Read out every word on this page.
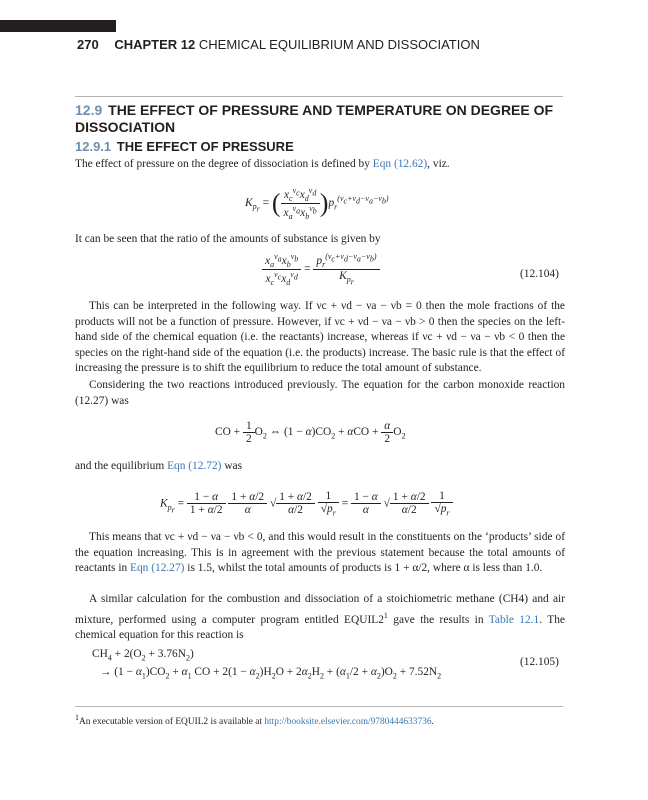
270 CHAPTER 12 CHEMICAL EQUILIBRIUM AND DISSOCIATION
12.9 THE EFFECT OF PRESSURE AND TEMPERATURE ON DEGREE OF DISSOCIATION
12.9.1 THE EFFECT OF PRESSURE
The effect of pressure on the degree of dissociation is defined by Eqn (12.62), viz.
$K_{p_r}$ = ( $\frac{x_c^{\nu_c}x_d^{\nu_d}}{x_a^{\nu_a}x_b^{\nu_b}} )p_r^{(\nu_c+\nu_d-\nu_a-\nu_b)}$
It can be seen that the ratio of the amounts of substance is given by
$\frac{x_a^{\nu_a}x_b^{\nu_b}}{x_c^{\nu_c}x_d^{\nu_d}} = \frac{p_r^{(\nu_c+\nu_d-\nu_a-\nu_b)}}{K_{p_r}}$	(12.104)
This can be interpreted in the following way. If νc + νd − νa − νb = 0 then the mole fractions of the products will not be a function of pressure. However, if νc + νd − νa − νb > 0 then the species on the left-hand side of the chemical equation (i.e. the reactants) increase, whereas if νc + νd − νa − νb < 0 then the species on the right-hand side of the equation (i.e. the products) increase. The basic rule is that the effect of increasing the pressure is to shift the equilibrium to reduce the total amount of substance.
Considering the two reactions introduced previously. The equation for the carbon monoxide reaction (12.27) was
CO + $\frac{1}{2} O_2$ ⇔ $(1 - \alpha)CO_2 + \alpha CO + \frac{\alpha}{2} O_2$
and the equilibrium Eqn (12.72) was
$K_{p_r} = \frac{1 - \alpha}{1 + \alpha/2}$
$\frac{1 + \alpha/2}{\alpha}$ √ $\frac{1 + \alpha/2}{\alpha/2}$
$\frac{1}{√p_r} = \frac{1 - \alpha}{\alpha}$ √ $\frac{1 + \alpha/2}{\alpha/2}$
$\frac{1}{√p_r}$
This means that νc + νd − νa − νb < 0, and this would result in the constituents on the ‘products’ side of the equation increasing. This is in agreement with the previous statement because the total amounts of reactants in Eqn (12.27) is 1.5, whilst the total amounts of products is 1 + α/2, where α is less than 1.0.
A similar calculation for the combustion and dissociation of a stoichiometric methane (CH4) and air mixture, performed using a computer program entitled $EQUIL2^1$ gave the results in Table 12.1. The chemical equation for this reaction is
$CH_4 + 2(O_2 + 3.76N_2)$
→ $(1 - \alpha_1)CO_2 + \alpha_1$ CO + $2(1 - \alpha_2)H_2O + 2\alpha_2H_2 + (\alpha_1/2 + \alpha_2)O_2 + 7.52N_2$
(12.105)
$^1$An executable version of EQUIL2 is available at http://booksite.elsevier.com/9780444633736.
